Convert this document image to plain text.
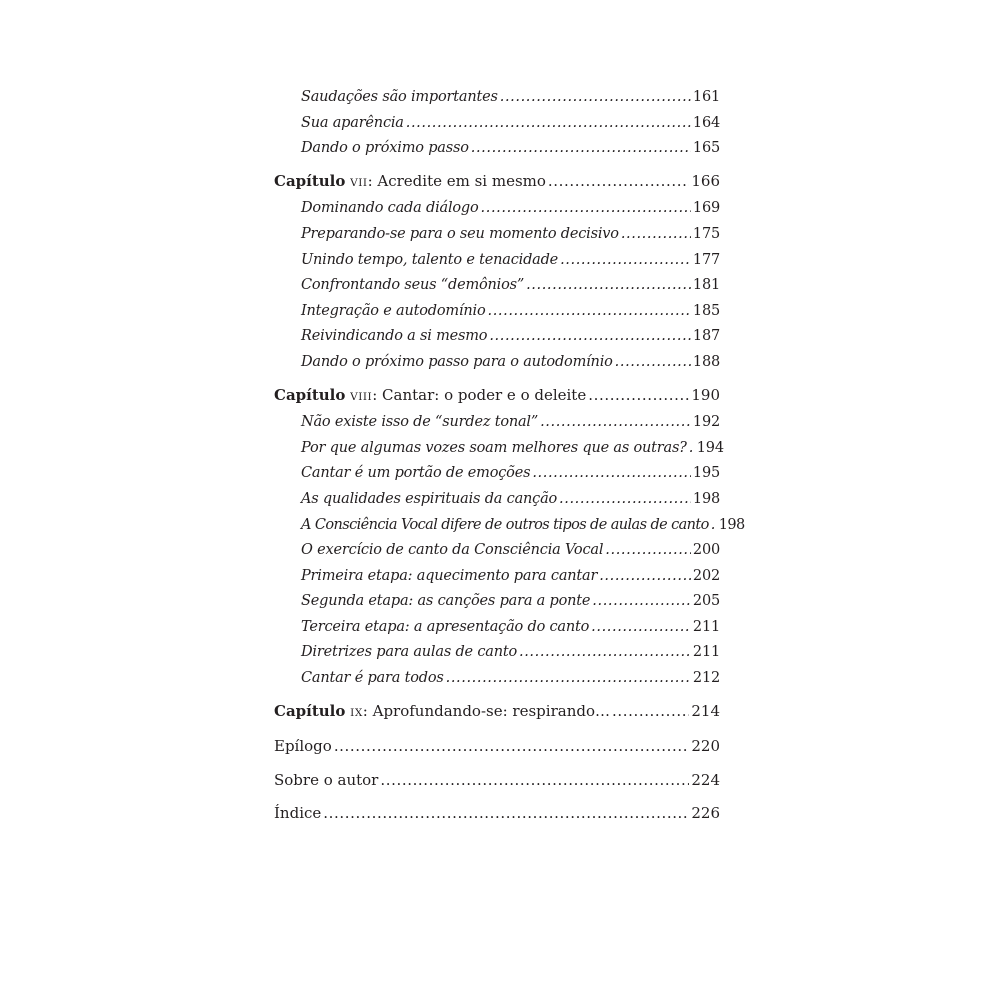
Saudações são importantes .....	161
Sua aparência .....	164
Dando o próximo passo .....	165
Capítulo VII: Acredite em si mesmo .....	166
Dominando cada diálogo .....	169
Preparando-se para o seu momento decisivo .....	175
Unindo tempo, talento e tenacidade .....	177
Confrontando seus “demônios” .....	181
Integração e autodomínio .....	185
Reivindicando a si mesmo .....	187
Dando o próximo passo para o autodomínio .....	188
Capítulo VIII: Cantar: o poder e o deleite .....	190
Não existe isso de “surdez tonal” .....	192
Por que algumas vozes soam melhores que as outras? ..... 194
Cantar é um portão de emoções .....	195
As qualidades espirituais da canção .....	198
A Consciência Vocal difere de outros tipos de aulas de canto ..... 198
O exercício de canto da Consciência Vocal .....	200
Primeira etapa: aquecimento para cantar .....	202
Segunda etapa: as canções para a ponte .....	205
Terceira etapa: a apresentação do canto .....	211
Diretrizes para aulas de canto .....	211
Cantar é para todos .....	212
Capítulo IX: Aprofundando-se: respirando… .....	214
Epílogo .....	220
Sobre o autor .....	224
Índice .....	226
